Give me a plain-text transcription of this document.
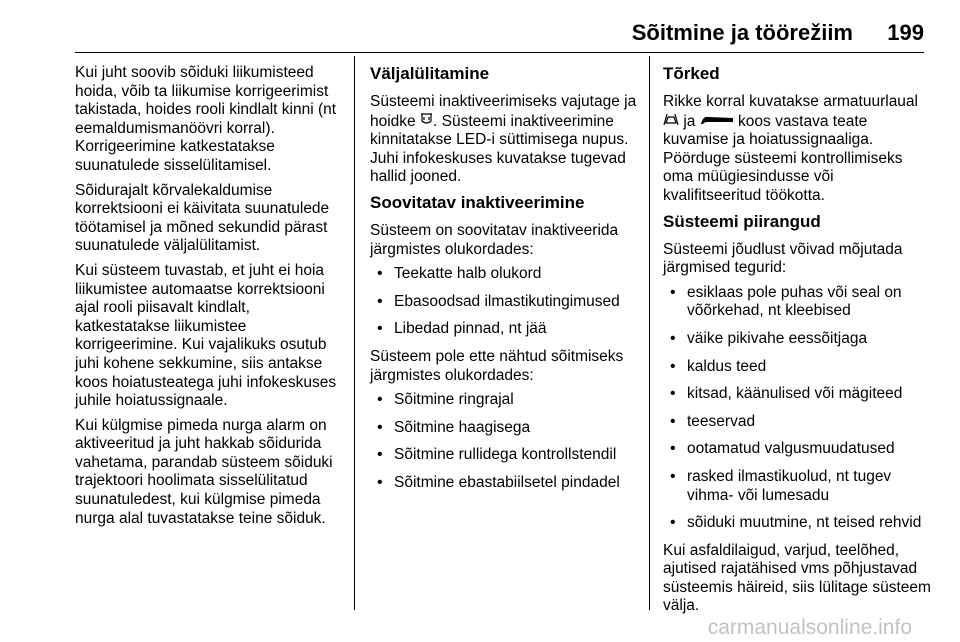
Sõitmine ja töörežiim 199

Kui juht soovib sõiduki liikumisteed hoida, võib ta liikumise korrigeerimist takistada, hoides rooli kindlalt kinni (nt eemaldumismanöövri korral). Korrigeerimine katkestatakse suunatulede sisselülitamisel.

Sõidurajalt kõrvalekaldumise korrektsiooni ei käivitata suunatulede töötamisel ja mõned sekundid pärast suunatulede väljalülitamist.

Kui süsteem tuvastab, et juht ei hoia liikumistee automaatse korrektsiooni ajal rooli piisavalt kindlalt, katkestatakse liikumistee korrigeerimine. Kui vajalikuks osutub juhi kohene sekkumine, siis antakse koos hoiatusteatega juhi infokeskuses juhile hoiatussignaale.

Kui külgmise pimeda nurga alarm on aktiveeritud ja juht hakkab sõidurida vahetama, parandab süsteem sõiduki trajektoori hoolimata sisselülitatud suunatuledest, kui külgmise pimeda nurga alal tuvastatakse teine sõiduk.

Väljalülitamine

Süsteemi inaktiveerimiseks vajutage ja hoidke . Süsteemi inaktiveerimine kinnitatakse LED-i süttimisega nupus. Juhi infokeskuses kuvatakse tugevad hallid jooned.

Soovitatav inaktiveerimine

Süsteem on soovitatav inaktiveerida järgmistes olukordades:

• Teekatte halb olukord
• Ebasoodsad ilmastikutingimused
• Libedad pinnad, nt jää

Süsteem pole ette nähtud sõitmiseks järgmistes olukordades:

• Sõitmine ringrajal
• Sõitmine haagisega
• Sõitmine rullidega kontrollstendil
• Sõitmine ebastabiilsetel pindadel
Tõrked

Rikke korral kuvatakse armatuurlaual  ja	koos vastava teate kuvamise ja hoiatussignaaliga. Pöörduge süsteemi kontrollimiseks oma müügiesindusse või kvalifitseeritud töökotta.

Süsteemi piirangud

Süsteemi jõudlust võivad mõjutada järgmised tegurid:

• esiklaas pole puhas või seal on võõrkehad, nt kleebised
• väike pikivahe eessõitjaga
• kaldus teed
• kitsad, käänulised või mägiteed
• teeservad
• ootamatud valgusmuudatused
• rasked ilmastikuolud, nt tugev vihma- või lumesadu
• sõiduki muutmine, nt teised rehvid

Kui asfaldilaigud, varjud, teelõhed, ajutised rajatähised vms põhjustavad süsteemis häireid, siis lülitage süsteem välja.

carmanualsonline.info
